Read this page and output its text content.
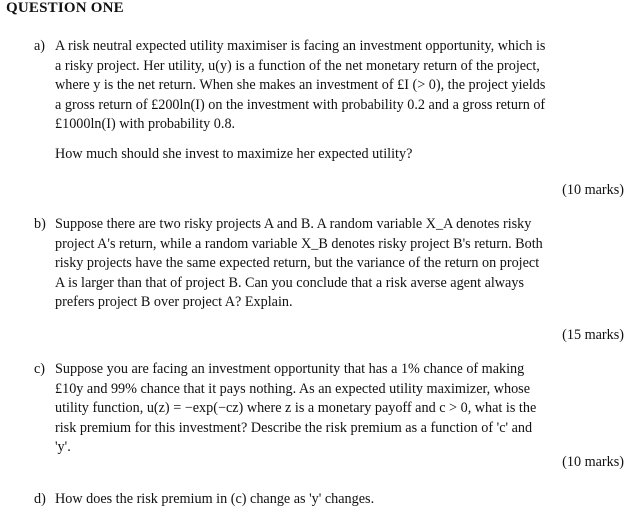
QUESTION ONE
a) A risk neutral expected utility maximiser is facing an investment opportunity, which is

a risky project. Her utility, u(y) is a function of the net monetary return of the project,

where y is the net return. When she makes an investment of £I (> 0), the project yields

a gross return of £200ln(I) on the investment with probability 0.2 and a gross return of

£1000ln(I) with probability 0.8.

How much should she invest to maximize her expected utility?
(10 marks)
b) Suppose there are two risky projects A and B. A random variable X_A denotes risky

project A's return, while a random variable X_B denotes risky project B's return. Both

risky projects have the same expected return, but the variance of the return on project

A is larger than that of project B. Can you conclude that a risk averse agent always

prefers project B over project A? Explain.

(15 marks)
c) Suppose you are facing an investment opportunity that has a 1% chance of making

£10y and 99% chance that it pays nothing. As an expected utility maximizer, whose

utility function, u(z) = −exp(−cz) where z is a monetary payoff and c > 0, what is the

risk premium for this investment? Describe the risk premium as a function of 'c' and

'y'.

(10 marks)
d) How does the risk premium in (c) change as 'y' changes.
